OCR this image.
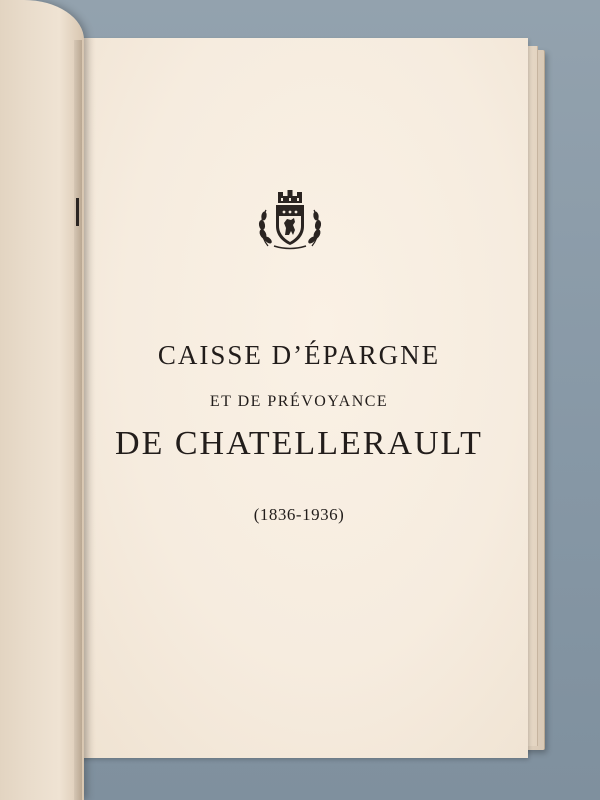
CAISSE D’ÉPARGNE
ET DE PRÉVOYANCE
DE CHATELLERAULT
(1836-1936)
